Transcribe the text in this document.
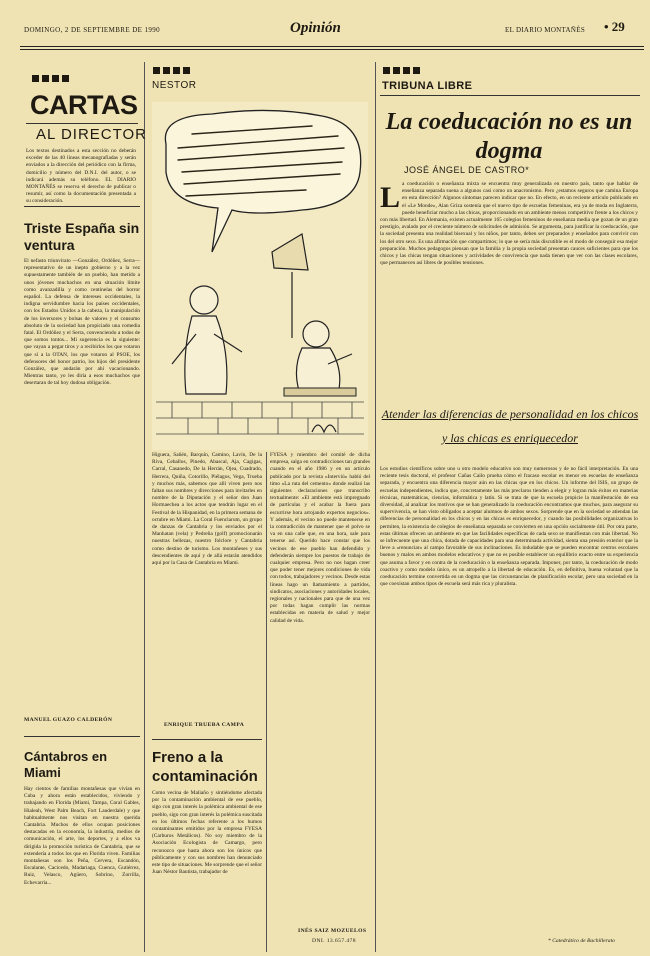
DOMINGO, 2 DE SEPTIEMBRE DE 1990	Opinión	EL DIARIO MONTAÑÉS • 29
CARTAS
AL DIRECTOR
Los textos destinados a esta sección no deberán exceder de las 40 líneas mecanografiadas y serán enviados a la dirección del periódico con la firma, domicilio y número del D.N.I. del autor, o se indicará además su teléfono. EL DIARIO MONTAÑÉS se reserva el derecho de publicar o resumir, así como la documentación presentada a su consideración.
Triste España sin ventura
El nefasto triunvirato —González, Ordóñez, Serra— representativo de un inepto gobierno y a la vez supuestamente también de un pueblo, han metido a unos jóvenes muchachos en una situación límite como avanzadilla y como centinelas del horror español. La defensa de intereses occidentales, la indigna servidumbre hacia los países occidentales, con los Estados Unidos a la cabeza, la manipulación de los inversores y bolsas de valores y el consumo absoluto de la sociedad han propiciado una comedia fatal. El Ordóñez y el Serra, convenciendo a todos de que somos tontos... Mi sugerencia es la siguiente: que vayan a pegar tiros y a recibirlos los que votaron que sí a la OTAN, los que votaron al PSOE, los defensores del honor patrio, los hijos del presidente González, que andarán por ahí vacacionando. Mientras tanto, yo les diría a esos muchachos que desertaran de tal hoy dudosa obligación.
MANUEL GUAZO CALDERÓN
Cántabros en Miami
Hay cientos de familias montañesas que vivían en Cuba y ahora están establecidos, viviendo y trabajando en Florida (Miami, Tampa, Coral Gables, Hialeah, West Palm Beach, Fort Lauderdale) y que habitualmente nos visitan en nuestra querida Cantabria. Muchos de ellos ocupan posiciones destacadas en la economía, la industria, medios de comunicación, el arte, los deportes, y a ellos va dirigida la promoción turística de Cantabria, que se extendería a todos los que en Florida viven. Familias montañesas son los Peña, Cervera, Escandón, Escalante, Cacicedo, Madariaga, Cuenca, Gutiérrez, Ruiz, Velasco, Agüero, Sobrino, Zorrilla, Echevarría...
NESTOR
Higuera, Sañén, Barquín, Camino, Lavín, De la Riva, Ceballos, Pinedo, Abascal, Aja, Cagigas, Carral, Casanedo, De la Herrán, Ojea, Cuadrado, Herrera, Quiña, Cotorillo, Piélagos, Vega, Trueba y muchos más, sabemos que allí viven pero nos faltan sus nombres y direcciones para invitarles en nombre de la Diputación y el señor don Juan Hormaechea a los actos que tendrán lugar en el Festival de la Hispanidad, en la primera semana de octubre en Miami. La Coral Fuenclarum, un grupo de danzas de Cantabria y los enviados por el Manhatan (vela) y Pedreña (golf) promocionarán nuestras bellezas, nuestro folclore y Cantabria como destino de turismo. Los montañeses y sus descendientes de aquí y de allá estarán atendidos aquí por la Casa de Cantabria en Miami.
ENRIQUE TRUEBA CAMPA
Freno a la contaminación
Como vecina de Maliaño y sintiéndome afectada por la contaminación ambiental de ese pueblo, sigo con gran interés la polémica ambiental de ese pueblo, sigo con gran interés la polémica suscitada en los últimos fechas referente a los humos contaminantes emitidos por la empresa FYESA (Carburos Metálicos). No soy miembro de la Asociación Ecologista de Camargo, pero reconozco que hasta ahora son los únicos que públicamente y con sus nombres han denunciado este tipo de situaciones. Me sorprende que el señor Juan Néstor Bautista, trabajador de
FYESA y miembro del comité de dicha empresa, salga en contradicciones tan grandes cuando en el año 1986 y en un artículo publicado por la revista «Interviú» habló del timo «La ruta del cemento» donde realizó las siguientes declaraciones que transcribo textualmente: «El ambiente está impregnado de partículas y el acabar la fuera para escurrirse hora arrojando expertos negocios». Y además, el vecino no puede mantenerse en la contradicción de mantener que el polvo se va en una calle que, en una hora, sale para tenerse así. Querido hace constar que los vecinos de ese pueblo han defendido y defenderán siempre los puestos de trabajo de cualquier empresa. Pero no nos hagan creer que poder tener mejores condiciones de vida con todos, trabajadores y vecinos. Desde estas líneas hago un llamamiento a partidos, sindicatos, asociaciones y autoridades locales, regionales y nacionales para que de una vez por todas hagan cumplir las normas establecidas en materia de salud y mejor calidad de vida.
INÉS SAIZ MOZUELOS
DNI. 13.657.478
TRIBUNA LIBRE
La coeducación no es un dogma
JOSÉ ÁNGEL DE CASTRO*
L a coeducación o enseñanza mixta se encuentra muy generalizada en nuestro país, tanto que hablar de enseñanza separada suena a algunos casi como un anacronismo. Pero ¿estamos seguros que camina Europa en esta dirección? Algunos síntomas parecen indicar que no. En efecto, en un reciente artículo publicado en el «Le Monde», Alan Griza sostenía que el nuevo tipo de escuelas femeninas, era ya de moda en Inglaterra, puede beneficiar mucho a las chicas, proporcionando en un ambiente menos competitivo frente a los chicos y
con más libertad. En Alemania, existen actualmente 165 colegios femeninos de enseñanza media que gozan de un gran prestigio, avalado por el creciente número de solicitudes de admisión. Se argumenta, para justificar la coeducación, que la sociedad presenta una realidad bisexual y los niños, por tanto, deben ser preparados y enseñados para convivir con los del otro sexo. Es una afirmación que compartimos; lo que se sería más discutible es el modo de conseguir esa mejor preparación. Muchos pedagogos piensan que la familia y la propia sociedad presentan cauces suficientes para que los chicos y las chicas tengan situaciones y actividades de convivencia que nada tienen que ver con las clases escolares, que permanecen así libres de posibles tensiones.
Atender las diferencias de personalidad en los chicos y las chicas es enriquecedor
Los estudios científicos sobre uno u otro modelo educativo son muy numerosos y de no fácil interpretación. En una reciente tesis doctoral, el profesor Cañas Cailo prueba cómo el fracaso escolar es menor en escuelas de enseñanza separada, y encuentra una diferencia mayor aún en las chicas que en los chicos. Un informe del ISIS, un grupo de escuelas independientes, indica que, concretamente las más preclaros tienden a elegir y logran más éxitos en materias técnicas, matemáticas, ciencias, informática y latín. Si se trata de que la escuela propicie la manifestación de esa diversidad, al analizar los motivos que se han generalizado la coeducación encontramos que muchos, para asegurar su supervivencia, se han visto obligados a aceptar alumnos de ambos sexos. Sorprende que en la sociedad se atiendan las diferencias de personalidad en los chicos y en las chicas es enriquecedor, y cuando las posibilidades organizativas lo permiten, la existencia de colegios de enseñanza separada se convierten en una opción socialmente útil. Por otra parte, estas últimas ofrecen un ambiente en que las facilidades específicas de cada sexo se manifiestan con más libertad. No se infrecuente que una chica, dotada de capacidades para una determinada actividad, sienta una presión exterior que la lleve a «renunciar» al campo favorable de sus inclinaciones. Es indudable que se pueden encontrar centros escolares buenos y malos en ambos modelos educativos y que no es posible establecer un equilibrio exacto entre su experiencia que asuma a favor y en contra de la coeducación o la enseñanza separada. Imponer, por tanto, la coeducación de modo coactivo y como modelo único, es un atropello a la libertad de educación. Es, en definitiva, buena voluntad que la coeducación termine convertida en un dogma que las circunstancias de planificación escolar, pero una sociedad en la que coexistan ambos tipos de escuela será más rica y pluralista.
* Catedrático de Bachillerato
